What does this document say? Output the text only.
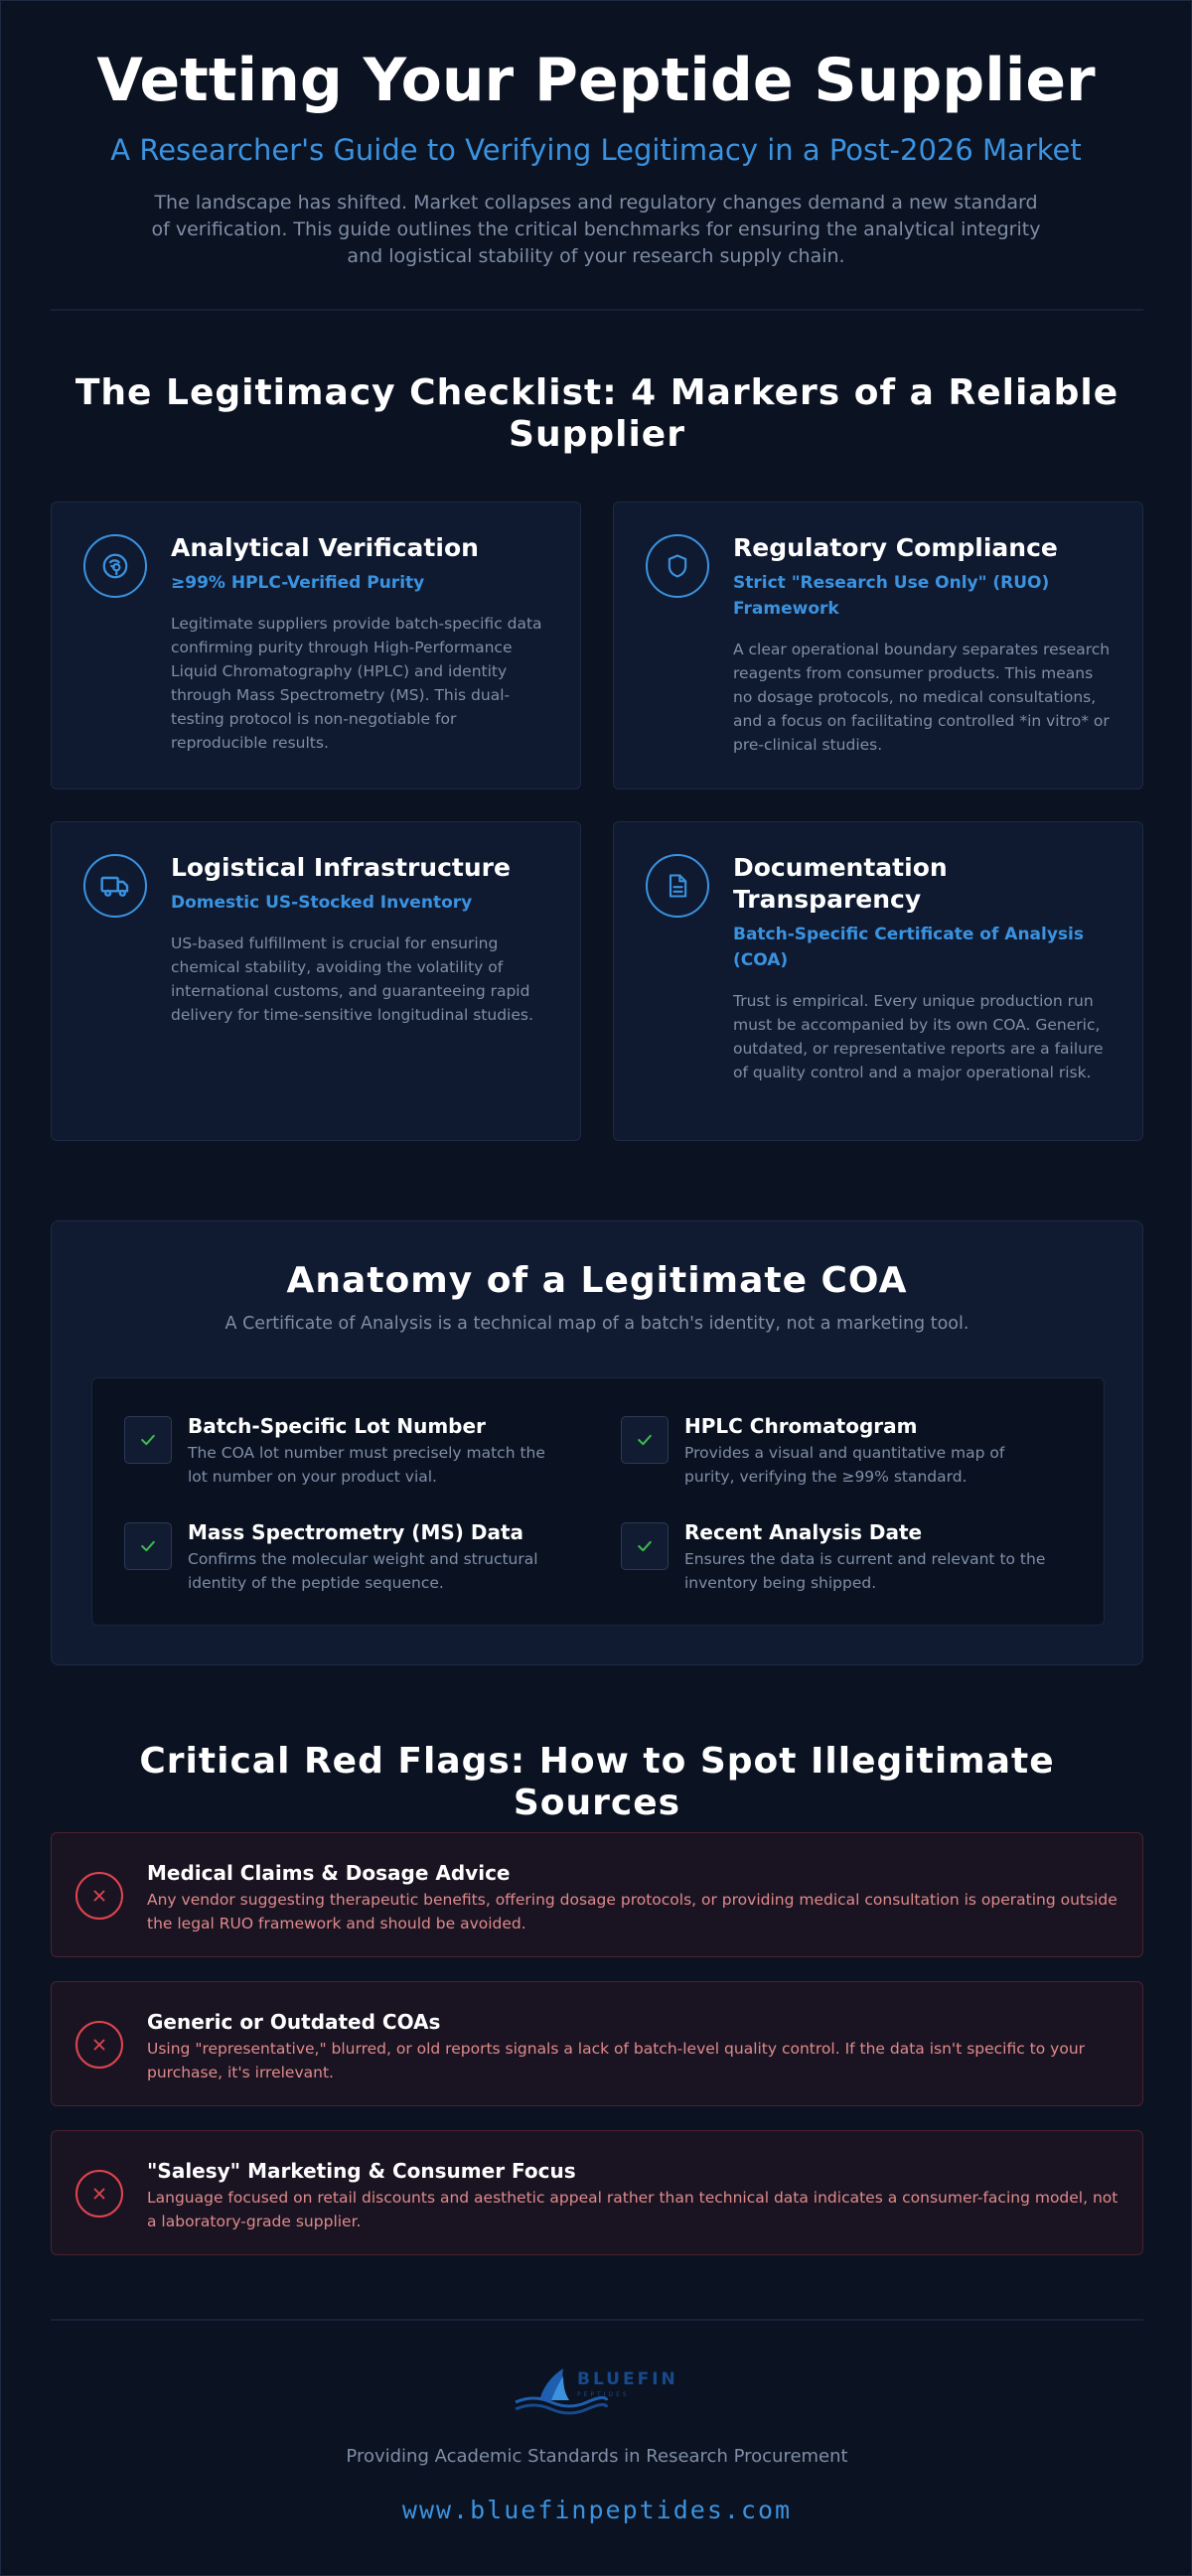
Vetting Your Peptide Supplier
A Researcher's Guide to Verifying Legitimacy in a Post-2026 Market

The landscape has shifted. Market collapses and regulatory changes demand a new standard of verification. This guide outlines the critical benchmarks for ensuring the analytical integrity and logistical stability of your research supply chain.

The Legitimacy Checklist: 4 Markers of a Reliable Supplier
Analytical Verification
≥99% HPLC-Verified Purity
Legitimate suppliers provide batch-specific data confirming purity through High-Performance Liquid Chromatography (HPLC) and identity through Mass Spectrometry (MS). This dual-testing protocol is non-negotiable for reproducible results.
Regulatory Compliance
Strict "Research Use Only" (RUO) Framework
A clear operational boundary separates research reagents from consumer products. This means no dosage protocols, no medical consultations, and a focus on facilitating controlled *in vitro* or pre-clinical studies.
Logistical Infrastructure
Domestic US-Stocked Inventory
US-based fulfillment is crucial for ensuring chemical stability, avoiding the volatility of international customs, and guaranteeing rapid delivery for time-sensitive longitudinal studies.
Documentation Transparency
Batch-Specific Certificate of Analysis (COA)
Trust is empirical. Every unique production run must be accompanied by its own COA. Generic, outdated, or representative reports are a failure of quality control and a major operational risk.
Anatomy of a Legitimate COA
A Certificate of Analysis is a technical map of a batch's identity, not a marketing tool.
Batch-Specific Lot Number
The COA lot number must precisely match the lot number on your product vial.
HPLC Chromatogram
Provides a visual and quantitative map of purity, verifying the ≥99% standard.
Mass Spectrometry (MS) Data
Confirms the molecular weight and structural identity of the peptide sequence.
Recent Analysis Date
Ensures the data is current and relevant to the inventory being shipped.
Critical Red Flags: How to Spot Illegitimate Sources
Medical Claims & Dosage Advice
Any vendor suggesting therapeutic benefits, offering dosage protocols, or providing medical consultation is operating outside the legal RUO framework and should be avoided.
Generic or Outdated COAs
Using "representative," blurred, or old reports signals a lack of batch-level quality control. If the data isn't specific to your purchase, it's irrelevant.
"Salesy" Marketing & Consumer Focus
Language focused on retail discounts and aesthetic appeal rather than technical data indicates a consumer-facing model, not a laboratory-grade supplier.
BLUEFIN
PEPTIDES
Providing Academic Standards in Research Procurement
www.bluefinpeptides.com
